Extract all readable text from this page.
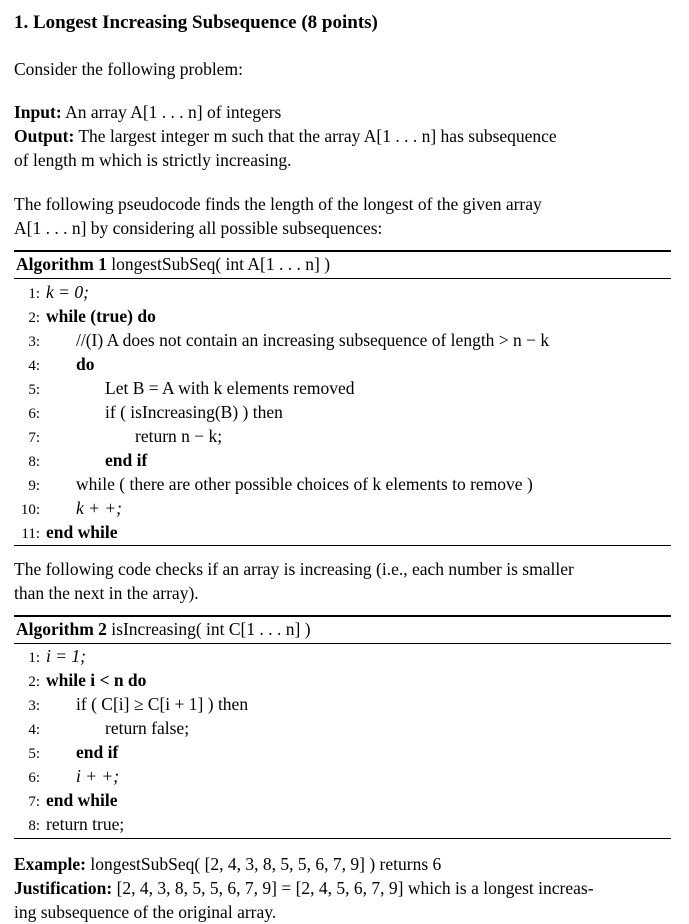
1. Longest Increasing Subsequence (8 points)
Consider the following problem:
Input: An array A[1 . . . n] of integers
Output: The largest integer m such that the array A[1 . . . n] has subsequence
of length m which is strictly increasing.
The following pseudocode finds the length of the longest of the given array
A[1 . . . n] by considering all possible subsequences:
Algorithm 1 longestSubSeq( int A[1 . . . n] )
1: k = 0;
2: while (true) do
3: //(I) A does not contain an increasing subsequence of length > n − k
4: do
5:	Let B = A with k elements removed
6:	if ( isIncreasing(B) ) then
7:	return n − k;
8:	end if
9: while ( there are other possible choices of k elements to remove )
10: k + +;
11: end while
The following code checks if an array is increasing (i.e., each number is smaller
than the next in the array).
Algorithm 2 isIncreasing( int C[1 . . . n] )
1: i = 1;
2: while i < n do
3: if ( C[i] ≥ C[i + 1] ) then
4:	return false;
5: end if
6: i + +;
7: end while
8: return true;
Example: longestSubSeq( [2, 4, 3, 8, 5, 5, 6, 7, 9] ) returns 6
Justification: [2, 4, 3, 8, 5, 5, 6, 7, 9] = [2, 4, 5, 6, 7, 9] which is a longest increas-
ing subsequence of the original array.
